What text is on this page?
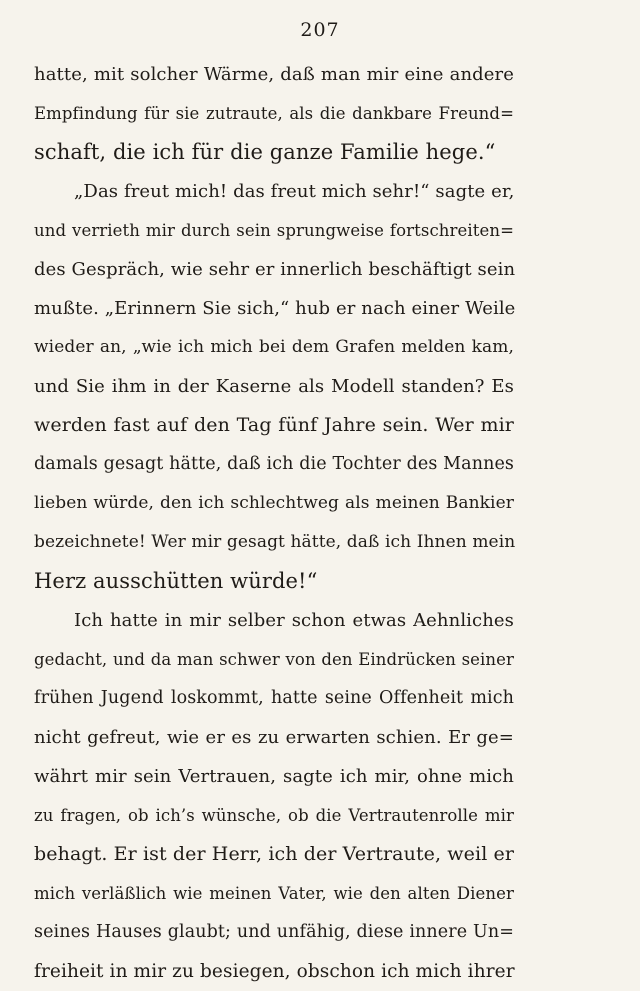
207
hatte, mit solcher Wärme, daß man mir eine andere
Empfindung für sie zutraute, als die dankbare Freund=
schaft, die ich für die ganze Familie hege.“
„Das freut mich! das freut mich sehr!“ sagte er,
und verrieth mir durch sein sprungweise fortschreiten=
des Gespräch, wie sehr er innerlich beschäftigt sein
mußte. „Erinnern Sie sich,“ hub er nach einer Weile
wieder an, „wie ich mich bei dem Grafen melden kam,
und Sie ihm in der Kaserne als Modell standen? Es
werden fast auf den Tag fünf Jahre sein. Wer mir
damals gesagt hätte, daß ich die Tochter des Mannes
lieben würde, den ich schlechtweg als meinen Bankier
bezeichnete! Wer mir gesagt hätte, daß ich Ihnen mein
Herz ausschütten würde!“
Ich hatte in mir selber schon etwas Aehnliches
gedacht, und da man schwer von den Eindrücken seiner
frühen Jugend loskommt, hatte seine Offenheit mich
nicht gefreut, wie er es zu erwarten schien. Er ge=
währt mir sein Vertrauen, sagte ich mir, ohne mich
zu fragen, ob ich’s wünsche, ob die Vertrautenrolle mir
behagt. Er ist der Herr, ich der Vertraute, weil er
mich verläßlich wie meinen Vater, wie den alten Diener
seines Hauses glaubt; und unfähig, diese innere Un=
freiheit in mir zu besiegen, obschon ich mich ihrer
